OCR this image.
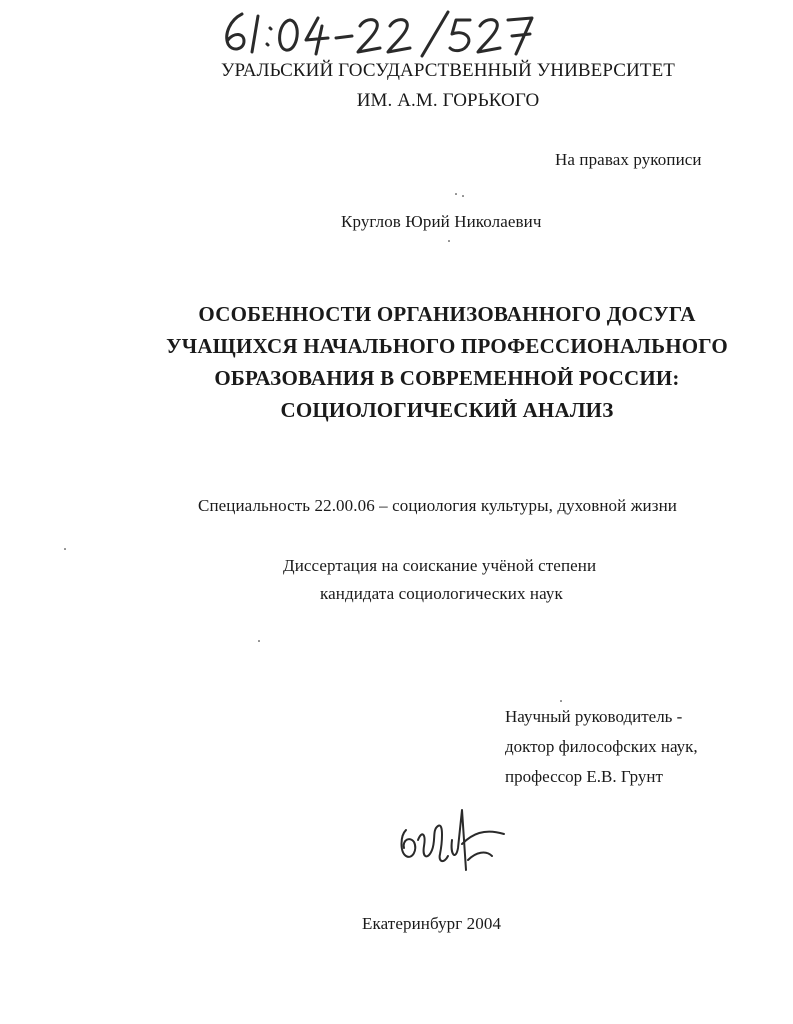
УРАЛЬСКИЙ ГОСУДАРСТВЕННЫЙ УНИВЕРСИТЕТ
ИМ. А.М. ГОРЬКОГО
На правах рукописи
Круглов Юрий Николаевич
ОСОБЕННОСТИ ОРГАНИЗОВАННОГО ДОСУГА
УЧАЩИХСЯ НАЧАЛЬНОГО ПРОФЕССИОНАЛЬНОГО
ОБРАЗОВАНИЯ В СОВРЕМЕННОЙ РОССИИ:
СОЦИОЛОГИЧЕСКИЙ АНАЛИЗ
Специальность 22.00.06 – социология культуры, духовной жизни
Диссертация на соискание учёной степени
кандидата социологических наук
Научный руководитель -
доктор философских наук,
профессор Е.В. Грунт
Екатеринбург 2004
